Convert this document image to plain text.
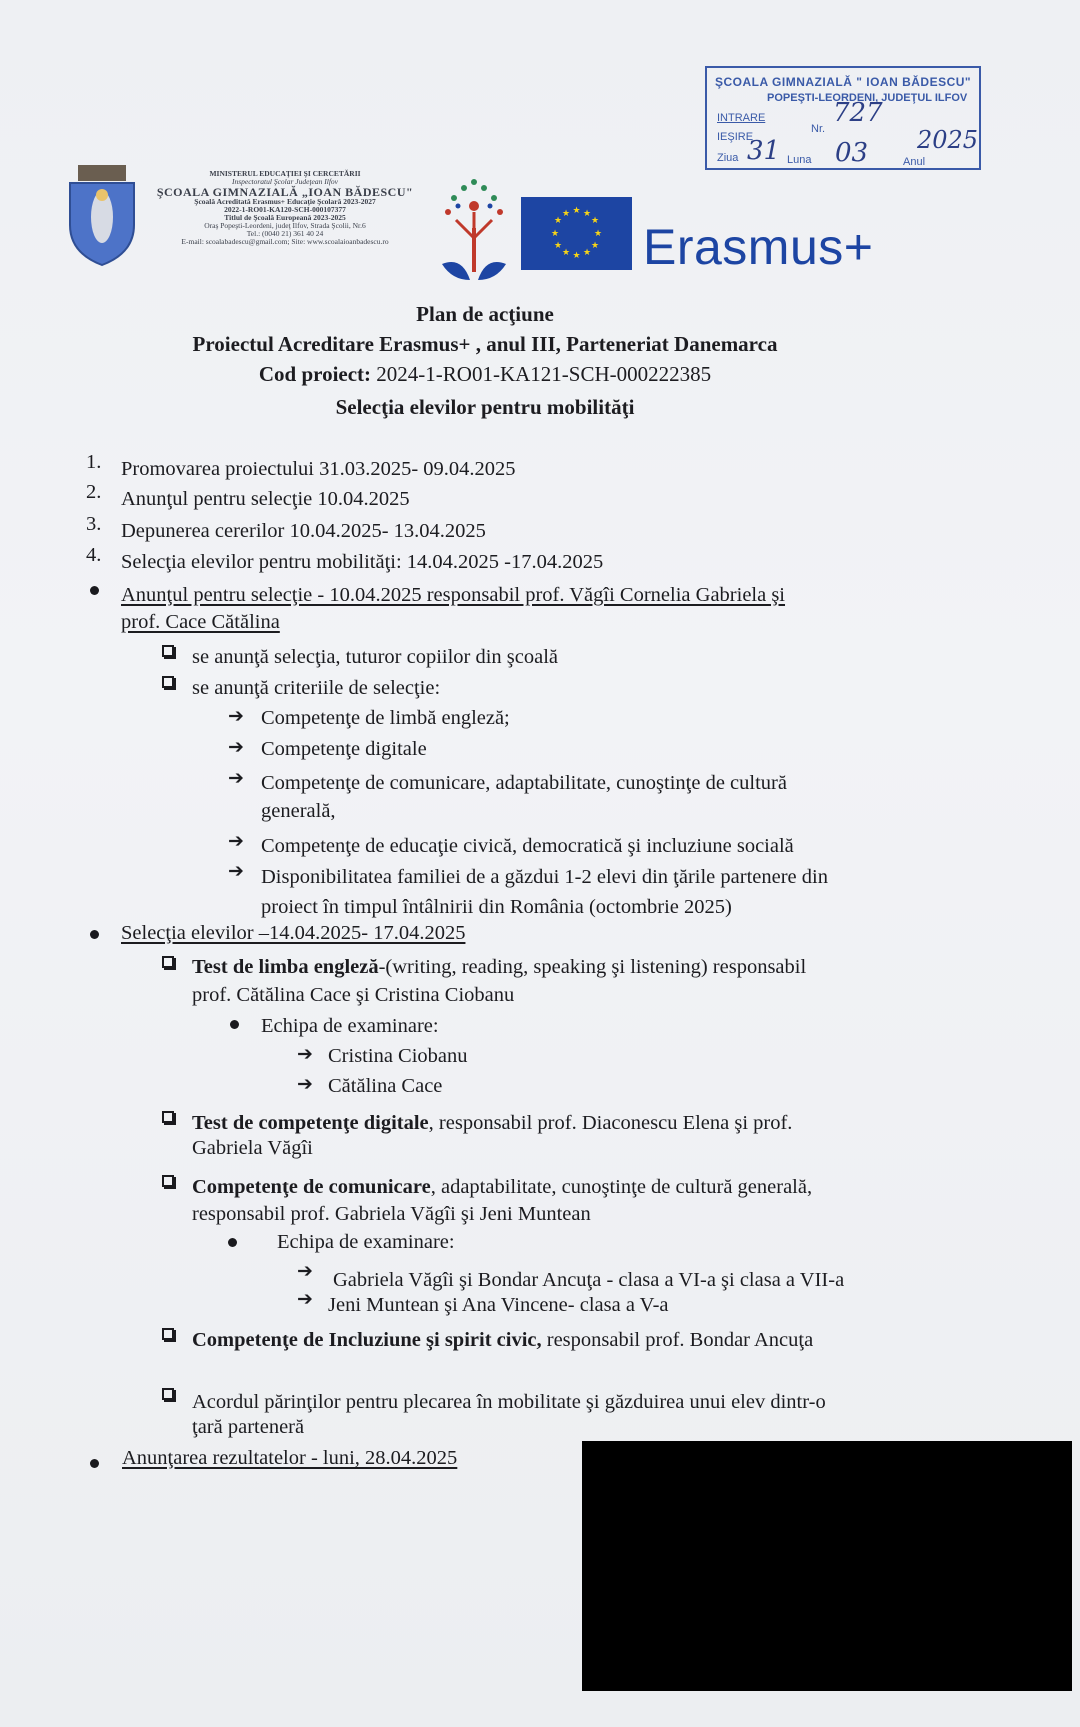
ŞCOALA GIMNAZIALĂ " IOAN BĂDESCU"
POPEŞTI-LEORDENI, JUDEŢUL ILFOV
INTRARE
IEŞIRE
Nr.
727
Ziua 31 Luna 03	Anul
2025
MINISTERUL EDUCAŢIEI ŞI CERCETĂRII
Inspectoratul Şcolar Judeţean Ilfov
ŞCOALA GIMNAZIALĂ „IOAN BĂDESCU"
Şcoală Acreditată Erasmus+ Educaţie Şcolară 2023-2027
2022-1-RO01-KA120-SCH-000107377
Titlul de Şcoală Europeană 2023-2025
Oraş Popeşti-Leordeni, judeţ Ilfov, Strada Şcolii, Nr.6
Tel.: (0040 21) 361 40 24
E-mail: scoalabadescu@gmail.com; Site: www.scoalaioanbadescu.ro
★ ★
★
★
★
★
★
★
★
★
★
★
Erasmus+
Plan de acţiune
Proiectul Acreditare Erasmus+ , anul III, Parteneriat Danemarca
Cod proiect: 2024-1-RO01-KA121-SCH-000222385
Selecţia elevilor pentru mobilităţi
1. Promovarea proiectului 31.03.2025- 09.04.2025
2. Anunţul pentru selecţie 10.04.2025
3. Depunerea cererilor 10.04.2025- 13.04.2025
4. Selecţia elevilor pentru mobilităţi: 14.04.2025 -17.04.2025
Anunţul pentru selecţie - 10.04.2025 responsabil prof. Văgîi Cornelia Gabriela şi
prof. Cace Cătălina
se anunţă selecţia, tuturor copiilor din şcoală
se anunţă criteriile de selecţie:
➔ Competenţe de limbă engleză;
➔ Competenţe digitale
➔ Competenţe de comunicare, adaptabilitate, cunoştinţe de cultură
generală,
➔ Competenţe de educaţie civică, democratică şi incluziune socială
➔ Disponibilitatea familiei de a găzdui 1-2 elevi din ţările partenere din
proiect în timpul întâlnirii din România (octombrie 2025)
Selecţia elevilor –14.04.2025- 17.04.2025
Test de limba engleză-(writing, reading, speaking şi listening) responsabil
prof. Cătălina Cace şi Cristina Ciobanu
Echipa de examinare:
➔ Cristina Ciobanu
➔ Cătălina Cace
Test de competenţe digitale, responsabil prof. Diaconescu Elena şi prof.
Gabriela Văgîi
Competenţe de comunicare, adaptabilitate, cunoştinţe de cultură generală,
responsabil prof. Gabriela Văgîi şi Jeni Muntean
Echipa de examinare:
➔ Gabriela Văgîi şi Bondar Ancuţa - clasa a VI-a şi clasa a VII-a
➔ Jeni Muntean şi Ana Vincene- clasa a V-a
Competenţe de Incluziune şi spirit civic, responsabil prof. Bondar Ancuţa
Acordul părinţilor pentru plecarea în mobilitate şi găzduirea unui elev dintr-o
ţară parteneră
Anunţarea rezultatelor - luni, 28.04.2025
